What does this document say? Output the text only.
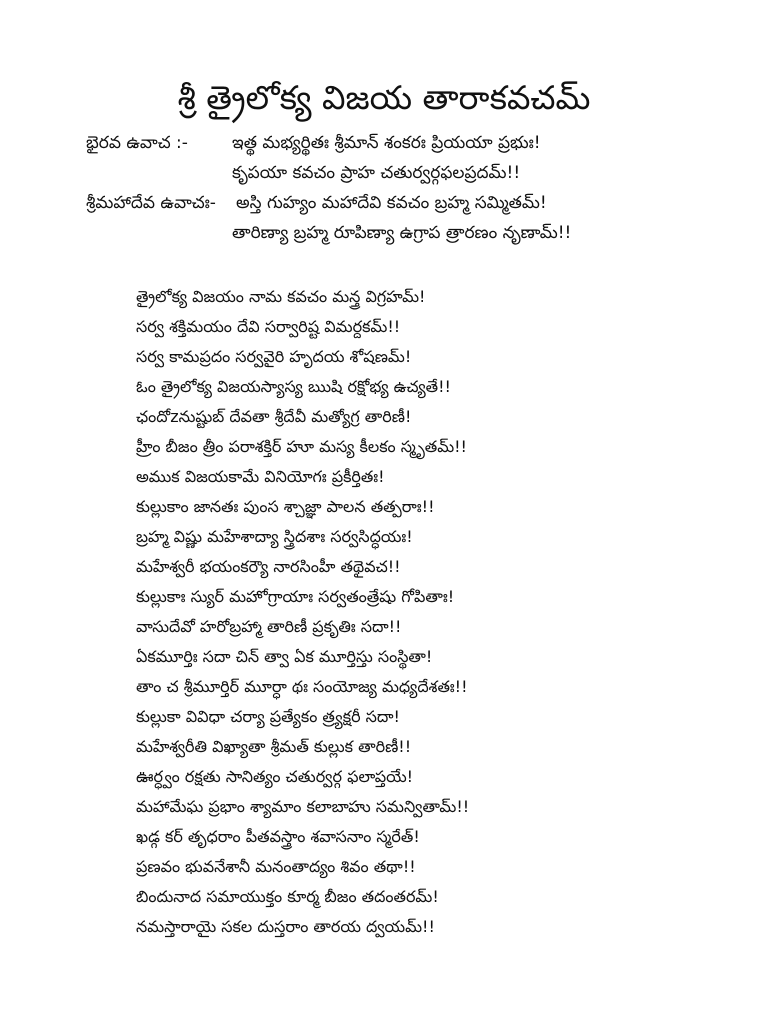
శ్రీ త్రైలోక్య విజయ తారాకవచమ్
భైరవ ఉవాచ :-	ఇత్థ మభ్యర్థితః శ్రీమాన్ శంకరః ప్రియయా ప్రభుః!
కృపయా కవచం ప్రాహ చతుర్వర్గఫలప్రదమ్!!
శ్రీమహాదేవ ఉవాచః- అస్తి గుహ్యం మహాదేవి కవచం బ్రహ్మ సమ్మితమ్!
తారిణ్యా బ్రహ్మ రూపిణ్యా ఉగ్రాప త్రారణం నృణామ్!!
త్రైలోక్య విజయం నామ కవచం మన్త్ర విగ్రహమ్!
సర్వ శక్తిమయం దేవి సర్వారిష్ట విమర్దకమ్!!
సర్వ కామప్రదం సర్వవైరి హృదయ శోషణమ్!
ఓం త్రైలోక్య విజయస్యాస్య ఋషి రక్షోభ్య ఉచ్యతే!!
ఛందోzనుష్టుబ్ దేవతా శ్రీదేవీ మత్యోగ్ర తారిణీ!
హ్రీం బీజం త్రీం పరాశక్తిర్ హూ మస్య కీలకం స్మృతమ్!!
అముక విజయకామే వినియోగః ప్రకీర్తితః!
కుల్లుకాం జానతః పుంస శ్చాజ్ఞా పాలన తత్పరాః!!
బ్రహ్మ విష్ణు మహేశాద్యా స్త్రిదశాః సర్వసిద్ధయః!
మహేశ్వరీ భయంకర్యౌ నారసింహీ తథైవచ!!
కుల్లుకాః స్యుర్ మహోగ్రాయాః సర్వతంత్రేషు గోపితాః!
వాసుదేవో హరోబ్రహ్మా తారిణీ ప్రకృతిః సదా!!
ఏకమూర్తిః సదా చిన్ త్వా ఏక మూర్తిస్తు సంస్థితా!
తాం చ శ్రీమూర్తిర్ మూర్ధా థః సంయోజ్య మధ్యదేశతః!!
కుల్లుకా వివిధా చర్యా ప్రత్యేకం త్ర్యక్షరీ సదా!
మహేశ్వరీతి విఖ్యాతా శ్రీమత్ కుల్లుక తారిణీ!!
ఊర్ధ్వం రక్షతు సానిత్యం చతుర్వర్గ ఫలాప్తయే!
మహామేఘ ప్రభాం శ్యామాం కలాబాహు సమన్వితామ్!!
ఖడ్గ కర్ తృధరాం పీతవస్త్రాం శవాసనాం స్మరేత్!
ప్రణవం భువనేశానీ మనంతాద్యం శివం తథా!!
బిందునాద సమాయుక్తం కూర్మ బీజం తదంతరమ్!
నమస్తారాయై సకల దుస్తరాం తారయ ద్వయమ్!!
